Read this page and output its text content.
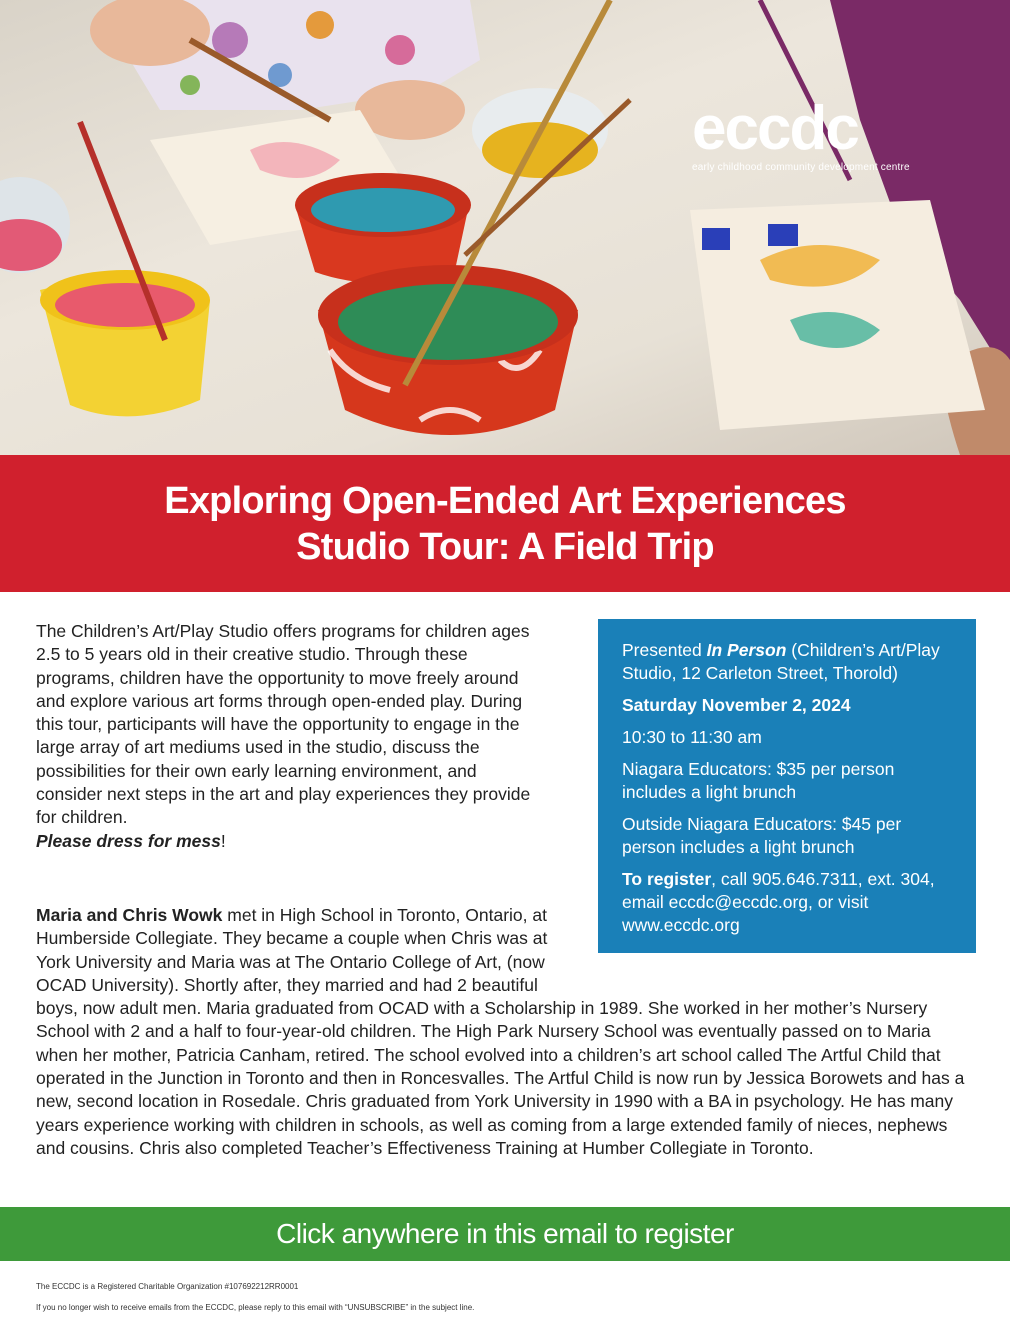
eccdc
early childhood community development centre
Exploring Open-Ended Art Experiences
Studio Tour: A Field Trip
The Children’s Art/Play Studio offers programs for children ages 2.5 to 5 years old in their creative studio. Through these programs, children have the opportunity to move freely around and explore various art forms through open-ended play. During this tour, participants will have the opportunity to engage in the large array of art mediums used in the studio, discuss the possibilities for their own early learning environment, and consider next steps in the art and play experiences they provide for children.
Please dress for mess!

Presented In Person (Children’s Art/Play Studio, 12 Carleton Street, Thorold)

Saturday November 2, 2024

10:30 to 11:30 am

Niagara Educators: $35 per person includes a light brunch

Outside Niagara Educators: $45 per person includes a light brunch

To register, call 905.646.7311, ext. 304, email eccdc@eccdc.org, or visit www.eccdc.org

Maria and Chris Wowk met in High School in Toronto, Ontario, at Humberside Collegiate. They became a couple when Chris was at York University and Maria was at The Ontario College of Art, (now OCAD University). Shortly after, they married and had 2 beautiful boys, now adult men. Maria graduated from OCAD with a Scholarship in 1989. She worked in her mother’s Nursery School with 2 and a half to four-year-old children. The High Park Nursery School was eventually passed on to Maria when her mother, Patricia Canham, retired. The school evolved into a children’s art school called The Artful Child that operated in the Junction in Toronto and then in Roncesvalles. The Artful Child is now run by Jessica Borowets and has a new, second location in Rosedale. Chris graduated from York University in 1990 with a BA in psychology. He has many years experience working with children in schools, as well as coming from a large extended family of nieces, nephews and cousins. Chris also completed Teacher’s Effectiveness Training at Humber Collegiate in Toronto.
Click anywhere in this email to register

The ECCDC is a Registered Charitable Organization #107692212RR0001

If you no longer wish to receive emails from the ECCDC, please reply to this email with “UNSUBSCRIBE” in the subject line.
